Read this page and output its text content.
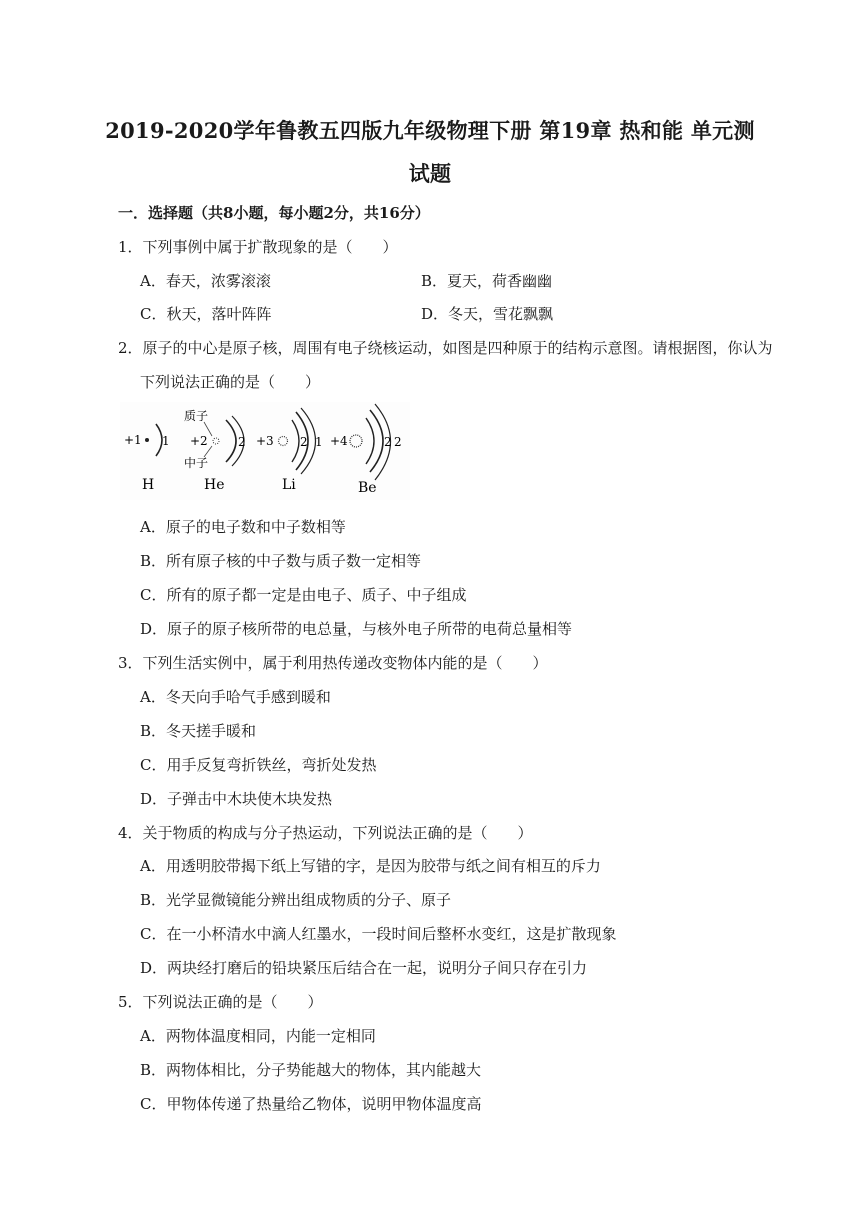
2019-2020学年鲁教五四版九年级物理下册 第19章 热和能 单元测
试题
一．选择题（共8小题，每小题2分，共16分）
1．下列事例中属于扩散现象的是（　　）
A．春天，浓雾滚滚	B．夏天，荷香幽幽
C．秋天，落叶阵阵	D．冬天，雪花飘飘
2．原子的中心是原子核，周围有电子绕核运动，如图是四种原于的结构示意图。请根据图，你认为
下列说法正确的是（　　）
+1 1
H
质子
中子
+2	2
He
+3 2 1
Li
+4	2 2
Be
A．原子的电子数和中子数相等
B．所有原子核的中子数与质子数一定相等
C．所有的原子都一定是由电子、质子、中子组成
D．原子的原子核所带的电总量，与核外电子所带的电荷总量相等
3．下列生活实例中，属于利用热传递改变物体内能的是（　　）
A．冬天向手哈气手感到暖和
B．冬天搓手暖和
C．用手反复弯折铁丝，弯折处发热
D．子弹击中木块使木块发热
4．关于物质的构成与分子热运动，下列说法正确的是（　　）
A．用透明胶带揭下纸上写错的字，是因为胶带与纸之间有相互的斥力
B．光学显微镜能分辨出组成物质的分子、原子
C．在一小杯清水中滴人红墨水，一段时间后整杯水变红，这是扩散现象
D．两块经打磨后的铅块紧压后结合在一起，说明分子间只存在引力
5．下列说法正确的是（　　）
A．两物体温度相同，内能一定相同
B．两物体相比，分子势能越大的物体，其内能越大
C．甲物体传递了热量给乙物体，说明甲物体温度高
